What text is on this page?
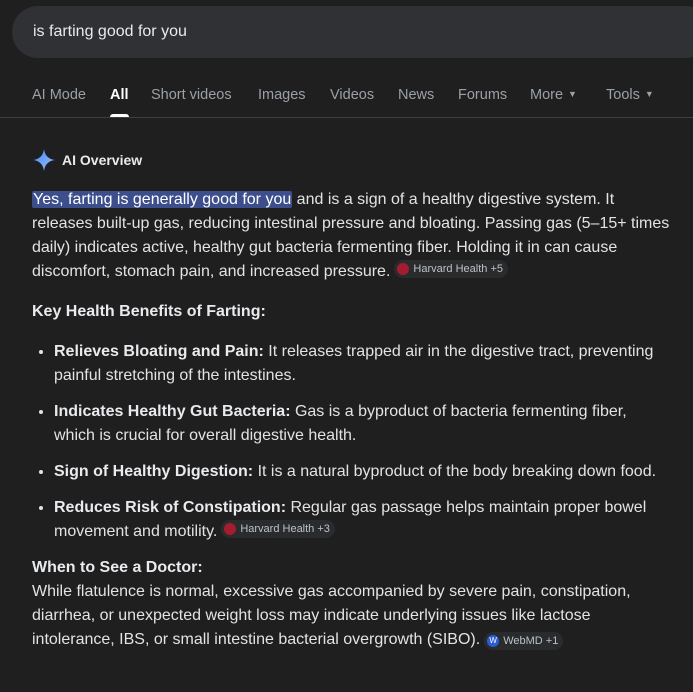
is farting good for you
AI Mode All Short videos Images Videos News Forums More ▼ Tools ▼
AI Overview

Yes, farting is generally good for you and is a sign of a healthy digestive system. It releases built-up gas, reducing intestinal pressure and bloating. Passing gas (5–15+ times daily) indicates active, healthy gut bacteria fermenting fiber. Holding it in can cause discomfort, stomach pain, and increased pressure. Harvard Health +5

Key Health Benefits of Farting:

• Relieves Bloating and Pain: It releases trapped air in the digestive tract, preventing painful stretching of the intestines.
• Indicates Healthy Gut Bacteria: Gas is a byproduct of bacteria fermenting fiber, which is crucial for overall digestive health.
• Sign of Healthy Digestion: It is a natural byproduct of the body breaking down food.
• Reduces Risk of Constipation: Regular gas passage helps maintain proper bowel movement and motility. Harvard Health +3

When to See a Doctor:

While flatulence is normal, excessive gas accompanied by severe pain, constipation, diarrhea, or unexpected weight loss may indicate underlying issues like lactose intolerance, IBS, or small intestine bacterial overgrowth (SIBO). W WebMD +1
